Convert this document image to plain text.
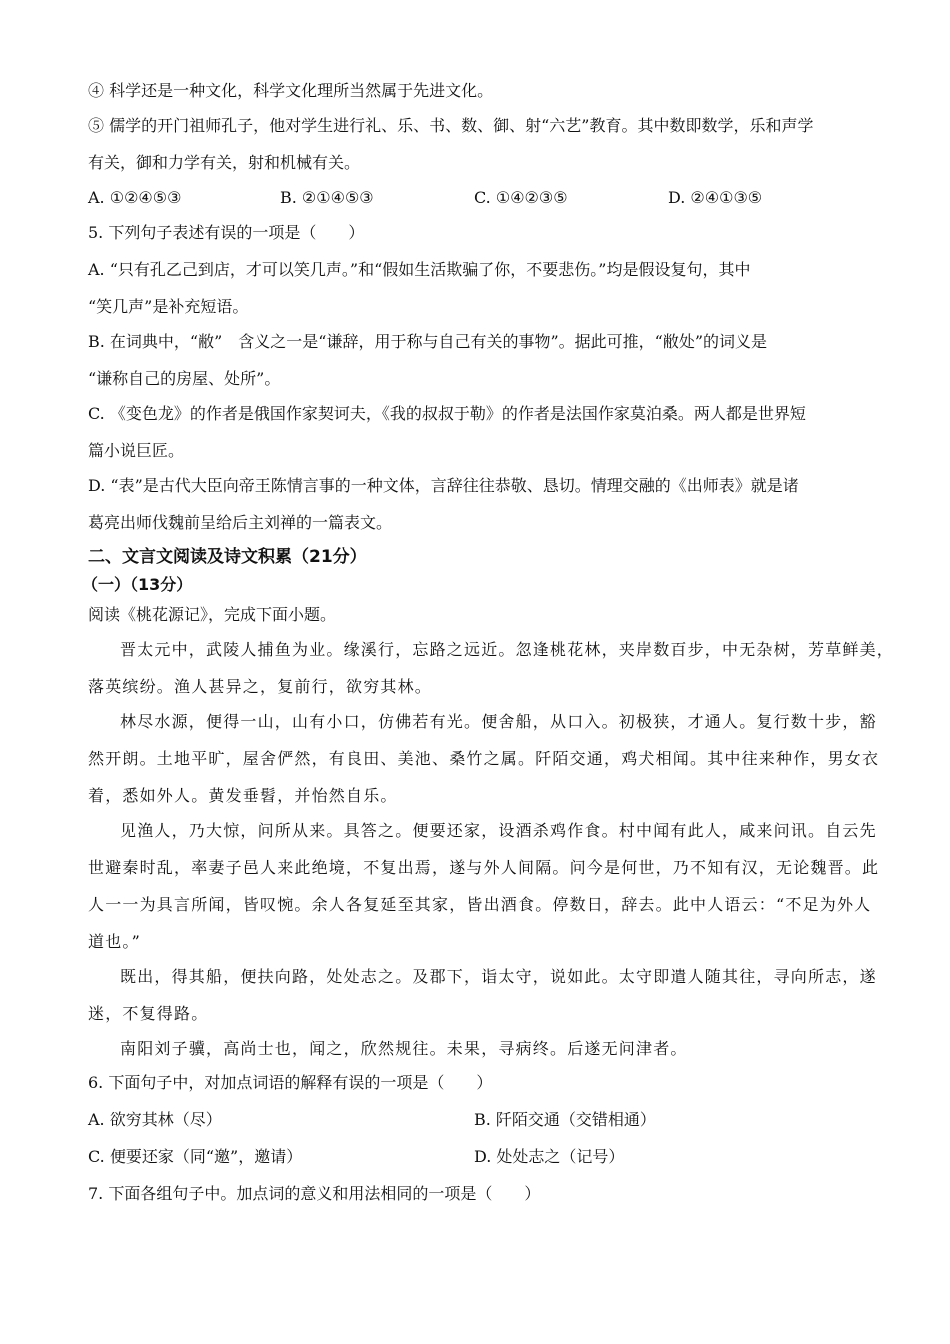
④ 科学还是一种文化，科学文化理所当然属于先进文化。

⑤ 儒学的开门祖师孔子，他对学生进行礼、乐、书、数、御、射“六艺”教育。其中数即数学，乐和声学

有关，御和力学有关，射和机械有关。

A. ①②④⑤③	B. ②①④⑤③	C. ①④②③⑤	D. ②④①③⑤

5. 下列句子表述有误的一项是（　　）

A. “只有孔乙己到店，才可以笑几声。”和“假如生活欺骗了你，不要悲伤。”均是假设复句，其中

“笑几声”是补充短语。

B. 在词典中，“敝”　含义之一是“谦辞，用于称与自己有关的事物”。据此可推，“敝处”的词义是

“谦称自己的房屋、处所”。

C. 《变色龙》的作者是俄国作家契诃夫，《我的叔叔于勒》的作者是法国作家莫泊桑。两人都是世界短

篇小说巨匠。

D. “表”是古代大臣向帝王陈情言事的一种文体，言辞往往恭敬、恳切。情理交融的《出师表》就是诸

葛亮出师伐魏前呈给后主刘禅的一篇表文。

二、文言文阅读及诗文积累（21分）

（一）（13分）

阅读《桃花源记》，完成下面小题。

晋太元中，武陵人捕鱼为业。缘溪行，忘路之远近。忽逢桃花林，夹岸数百步，中无杂树，芳草鲜美，

落英缤纷。渔人甚异之，复前行，欲穷其林。

林尽水源，便得一山，山有小口，仿佛若有光。便舍船，从口入。初极狭，才通人。复行数十步，豁

然开朗。土地平旷，屋舍俨然，有良田、美池、桑竹之属。阡陌交通，鸡犬相闻。其中往来种作，男女衣

着，悉如外人。黄发垂髫，并怡然自乐。

见渔人，乃大惊，问所从来。具答之。便要还家，设酒杀鸡作食。村中闻有此人，咸来问讯。自云先

世避秦时乱，率妻子邑人来此绝境，不复出焉，遂与外人间隔。问今是何世，乃不知有汉，无论魏晋。此

人一一为具言所闻，皆叹惋。余人各复延至其家，皆出酒食。停数日，辞去。此中人语云：“不足为外人

道也。”

既出，得其船，便扶向路，处处志之。及郡下，诣太守，说如此。太守即遣人随其往，寻向所志，遂

迷，不复得路。

南阳刘子骥，高尚士也，闻之，欣然规往。未果，寻病终。后遂无问津者。

6. 下面句子中，对加点词语的解释有误的一项是（　　）

A. 欲穷其林（尽）	B. 阡陌交通（交错相通）
C. 便要还家（同“邀”，邀请）	D. 处处志之（记号）

7. 下面各组句子中。加点词的意义和用法相同的一项是（　　）
